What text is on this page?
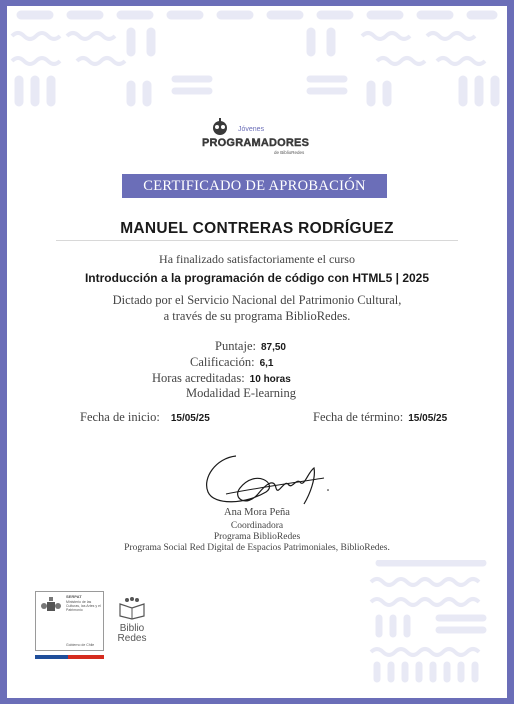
Jóvenes
PROGRAMADORES
de BiblioRedes
CERTIFICADO DE APROBACIÓN
MANUEL CONTRERAS RODRÍGUEZ
Ha finalizado satisfactoriamente el curso
Introducción a la programación de código con HTML5 | 2025
Dictado por el Servicio Nacional del Patrimonio Cultural,
a través de su programa BiblioRedes.
Puntaje: 87,50
Calificación: 6,1
Horas acreditadas: 10 horas
Modalidad E-learning
Fecha de inicio: 15/05/25	Fecha de término: 15/05/25
Ana Mora Peña
Coordinadora
Programa BiblioRedes
Programa Social Red Digital de Espacios Patrimoniales, BiblioRedes.
SERPAT
Ministerio de las Culturas, las Artes y el Patrimonio
Gobierno de Chile
Biblio
Redes
